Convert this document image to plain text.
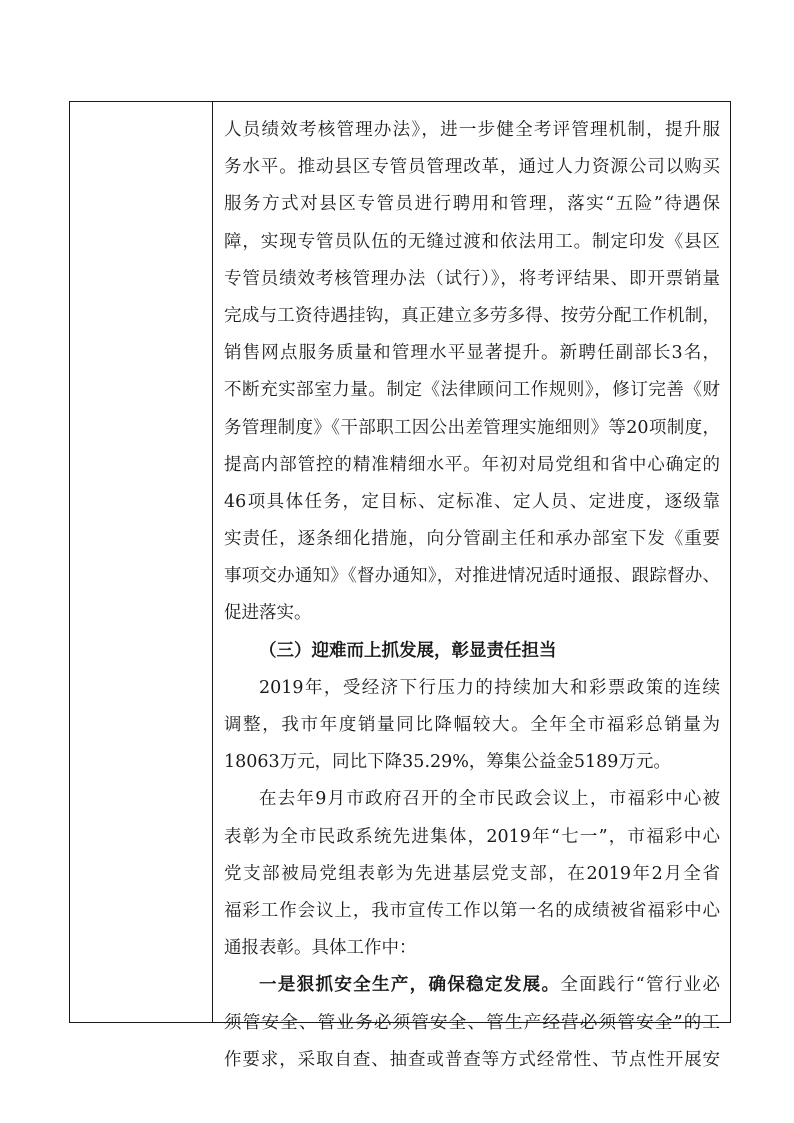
人员绩效考核管理办法》，进一步健全考评管理机制，提升服
务水平。推动县区专管员管理改革，通过人力资源公司以购买
服务方式对县区专管员进行聘用和管理，落实“五险”待遇保
障，实现专管员队伍的无缝过渡和依法用工。制定印发《县区
专管员绩效考核管理办法（试行）》，将考评结果、即开票销量
完成与工资待遇挂钩，真正建立多劳多得、按劳分配工作机制，
销售网点服务质量和管理水平显著提升。新聘任副部长3名，
不断充实部室力量。制定《法律顾问工作规则》，修订完善《财
务管理制度》《干部职工因公出差管理实施细则》等20项制度，
提高内部管控的精准精细水平。年初对局党组和省中心确定的
46项具体任务，定目标、定标准、定人员、定进度，逐级靠
实责任，逐条细化措施，向分管副主任和承办部室下发《重要
事项交办通知》《督办通知》，对推进情况适时通报、跟踪督办、
促进落实。
（三）迎难而上抓发展，彰显责任担当
2019年，受经济下行压力的持续加大和彩票政策的连续
调整，我市年度销量同比降幅较大。全年全市福彩总销量为
18063万元，同比下降35.29%，筹集公益金5189万元。
在去年9月市政府召开的全市民政会议上，市福彩中心被
表彰为全市民政系统先进集体，2019年“七一”，市福彩中心
党支部被局党组表彰为先进基层党支部，在2019年2月全省
福彩工作会议上，我市宣传工作以第一名的成绩被省福彩中心
通报表彰。具体工作中：
一是狠抓安全生产，确保稳定发展。全面践行“管行业必
须管安全、管业务必须管安全、管生产经营必须管安全”的工
作要求，采取自查、抽查或普查等方式经常性、节点性开展安
